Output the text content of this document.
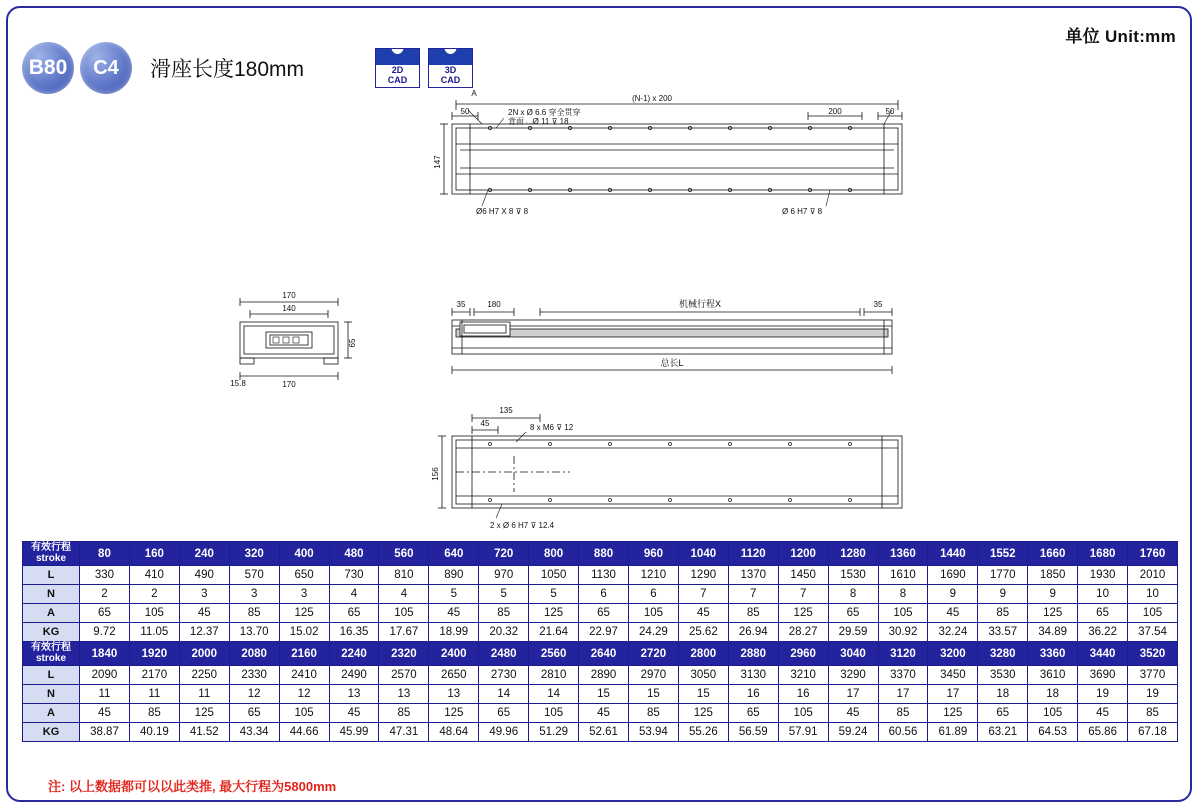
单位 Unit:mm
B80	C4	滑座长度180mm	2D
CAD
3D
CAD
(N-1) x 200
50	50
200
A
2N x Ø 6.6 穿全贯穿
背面 ⌴Ø 11 ⊽ 18
147
Ø6 H7 X 8 ⊽ 8	Ø 6 H7 ⊽ 8
170
140
65
15.8	170
35	180	机械行程X	35
总长L
135
45	8 x M6 ⊽ 12
156
2 x Ø 6 H7 ⊽ 12.4
有效行程
stroke	80	160	240	320	400	480	560	640	720	800	880	960	1040	1120	1200	1280	1360	1440	1552	1660	1680	1760
L	330	410	490	570	650	730	810	890	970	1050	1130	1210	1290	1370	1450	1530	1610	1690	1770	1850	1930	2010
N	2	2	3	3	3	4	4	5	5	5	6	6	7	7	7	8	8	9	9	9	10	10
A	65	105	45	85	125	65	105	45	85	125	65	105	45	85	125	65	105	45	85	125	65	105
KG	9.72	11.05	12.37	13.70	15.02	16.35	17.67	18.99	20.32	21.64	22.97	24.29	25.62	26.94	28.27	29.59	30.92	32.24	33.57	34.89	36.22	37.54

有效行程
stroke	1840	1920	2000	2080	2160	2240	2320	2400	2480	2560	2640	2720	2800	2880	2960	3040	3120	3200	3280	3360	3440	3520
L	2090	2170	2250	2330	2410	2490	2570	2650	2730	2810	2890	2970	3050	3130	3210	3290	3370	3450	3530	3610	3690	3770
N	11	11	11	12	12	13	13	13	14	14	15	15	15	16	16	17	17	17	18	18	19	19
A	45	85	125	65	105	45	85	125	65	105	45	85	125	65	105	45	85	125	65	105	45	85
KG	38.87	40.19	41.52	43.34	44.66	45.99	47.31	48.64	49.96	51.29	52.61	53.94	55.26	56.59	57.91	59.24	60.56	61.89	63.21	64.53	65.86	67.18
注: 以上数据都可以以此类推, 最大行程为5800mm
